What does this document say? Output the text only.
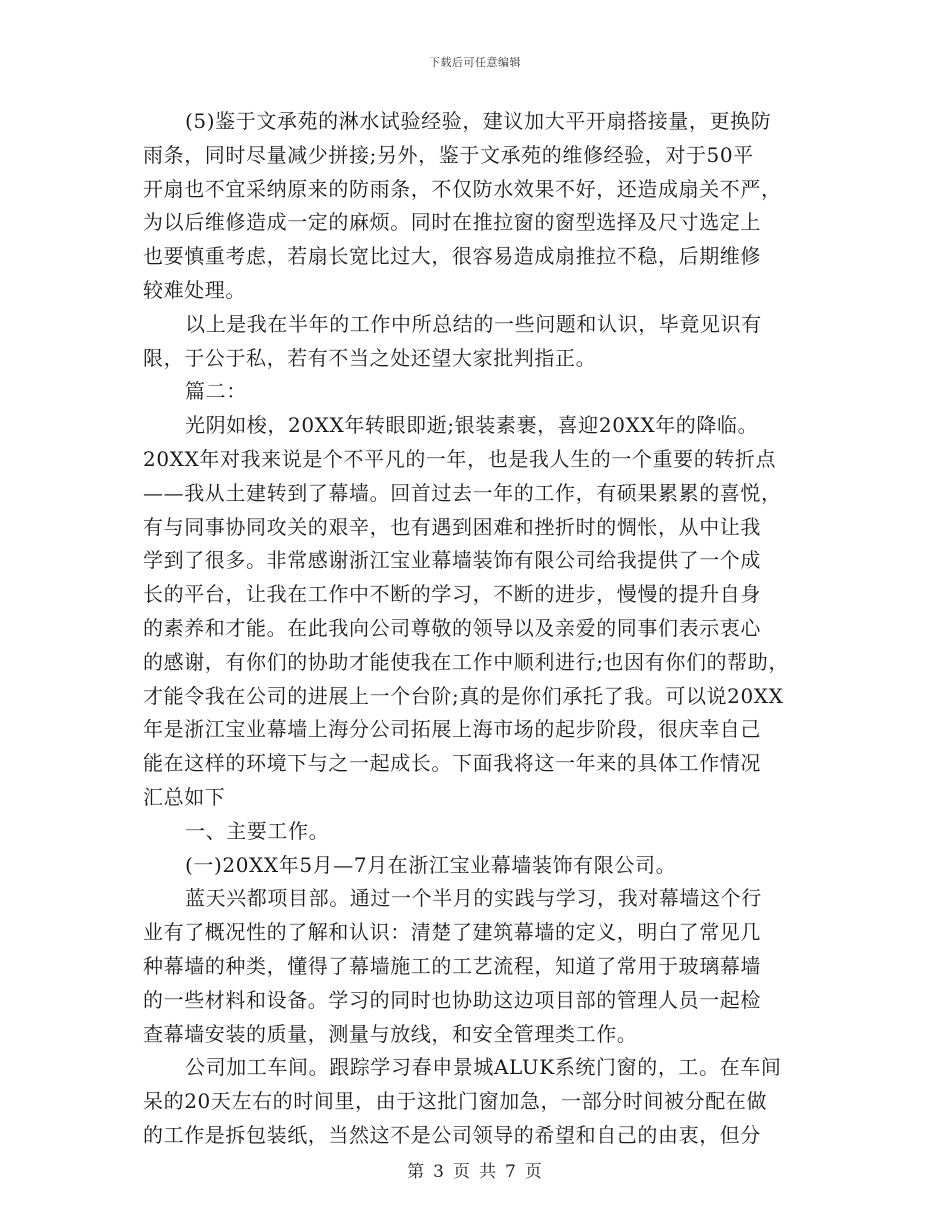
下载后可任意编辑
(5)鉴于文承苑的淋水试验经验，建议加大平开扇搭接量，更换防
雨条，同时尽量减少拼接;另外，鉴于文承苑的维修经验，对于50平
开扇也不宜采纳原来的防雨条，不仅防水效果不好，还造成扇关不严，
为以后维修造成一定的麻烦。同时在推拉窗的窗型选择及尺寸选定上
也要慎重考虑，若扇长宽比过大，很容易造成扇推拉不稳，后期维修
较难处理。
以上是我在半年的工作中所总结的一些问题和认识，毕竟见识有
限，于公于私，若有不当之处还望大家批判指正。
篇二：
光阴如梭，20XX年转眼即逝;银装素裹，喜迎20XX年的降临。
20XX年对我来说是个不平凡的一年，也是我人生的一个重要的转折点
——我从土建转到了幕墙。回首过去一年的工作，有硕果累累的喜悦，
有与同事协同攻关的艰辛，也有遇到困难和挫折时的惆怅，从中让我
学到了很多。非常感谢浙江宝业幕墙装饰有限公司给我提供了一个成
长的平台，让我在工作中不断的学习，不断的进步，慢慢的提升自身
的素养和才能。在此我向公司尊敬的领导以及亲爱的同事们表示衷心
的感谢，有你们的协助才能使我在工作中顺利进行;也因有你们的帮助，
才能令我在公司的进展上一个台阶;真的是你们承托了我。可以说20XX
年是浙江宝业幕墙上海分公司拓展上海市场的起步阶段，很庆幸自己
能在这样的环境下与之一起成长。下面我将这一年来的具体工作情况
汇总如下
一、主要工作。
(一)20XX年5月—7月在浙江宝业幕墙装饰有限公司。
蓝天兴都项目部。通过一个半月的实践与学习，我对幕墙这个行
业有了概况性的了解和认识：清楚了建筑幕墙的定义，明白了常见几
种幕墙的种类，懂得了幕墙施工的工艺流程，知道了常用于玻璃幕墙
的一些材料和设备。学习的同时也协助这边项目部的管理人员一起检
查幕墙安装的质量，测量与放线，和安全管理类工作。
公司加工车间。跟踪学习春申景城ALUK系统门窗的，工。在车间
呆的20天左右的时间里，由于这批门窗加急，一部分时间被分配在做
的工作是拆包装纸，当然这不是公司领导的希望和自己的由衷，但分
第 3 页 共 7 页
